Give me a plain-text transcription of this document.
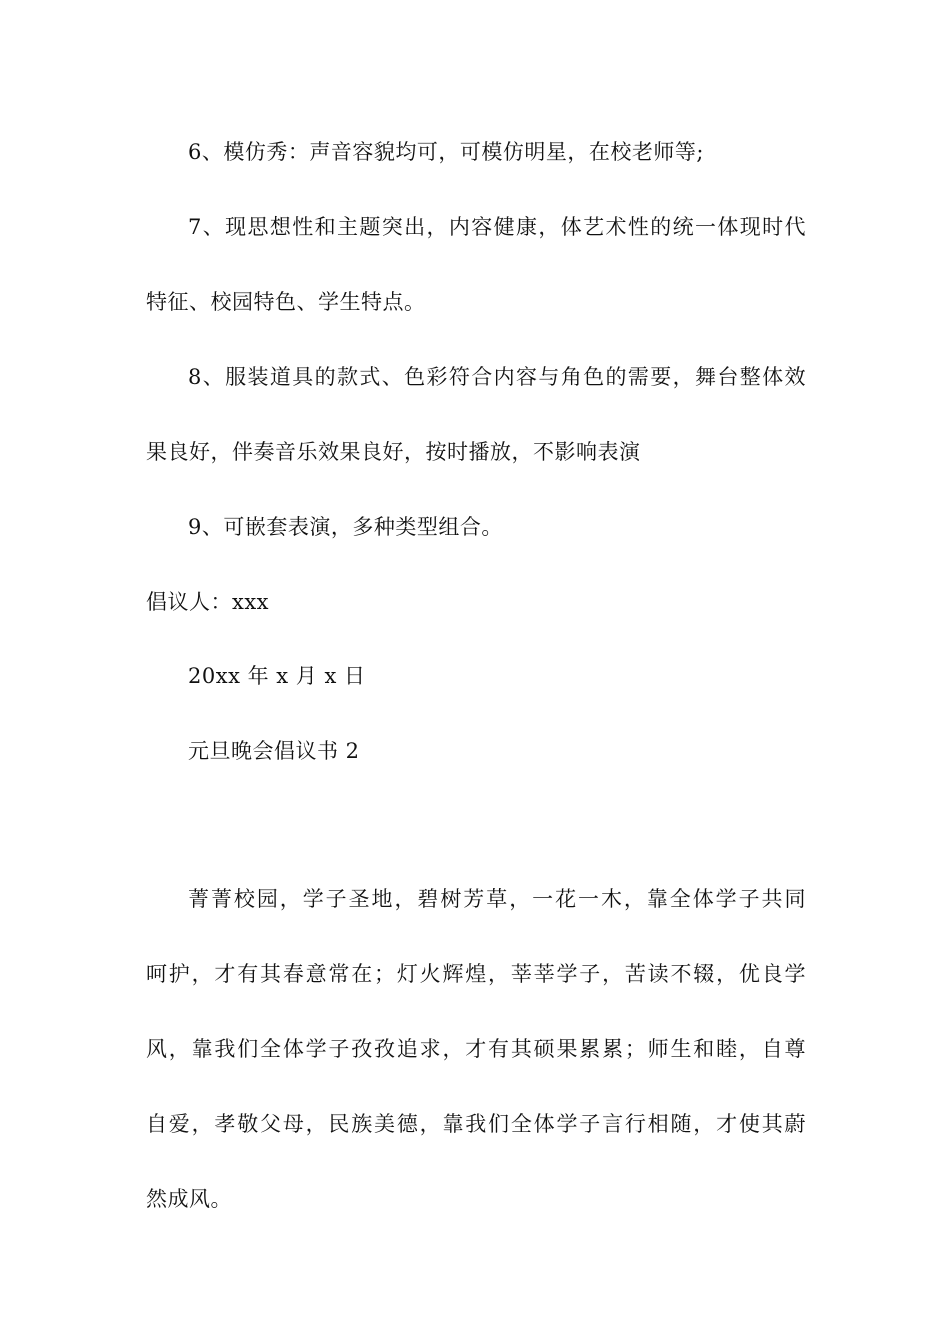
6、模仿秀：声音容貌均可，可模仿明星，在校老师等;
7、现思想性和主题突出，内容健康，体艺术性的统一体现时代
特征、校园特色、学生特点。
8、服装道具的款式、色彩符合内容与角色的需要，舞台整体效
果良好，伴奏音乐效果良好，按时播放，不影响表演
9、可嵌套表演，多种类型组合。
倡议人：xxx
20xx 年 x 月 x 日
元旦晚会倡议书 2
菁菁校园，学子圣地，碧树芳草，一花一木，靠全体学子共同
呵护，才有其春意常在；灯火辉煌，莘莘学子，苦读不辍，优良学
风，靠我们全体学子孜孜追求，才有其硕果累累；师生和睦，自尊
自爱，孝敬父母，民族美德，靠我们全体学子言行相随，才使其蔚
然成风。
